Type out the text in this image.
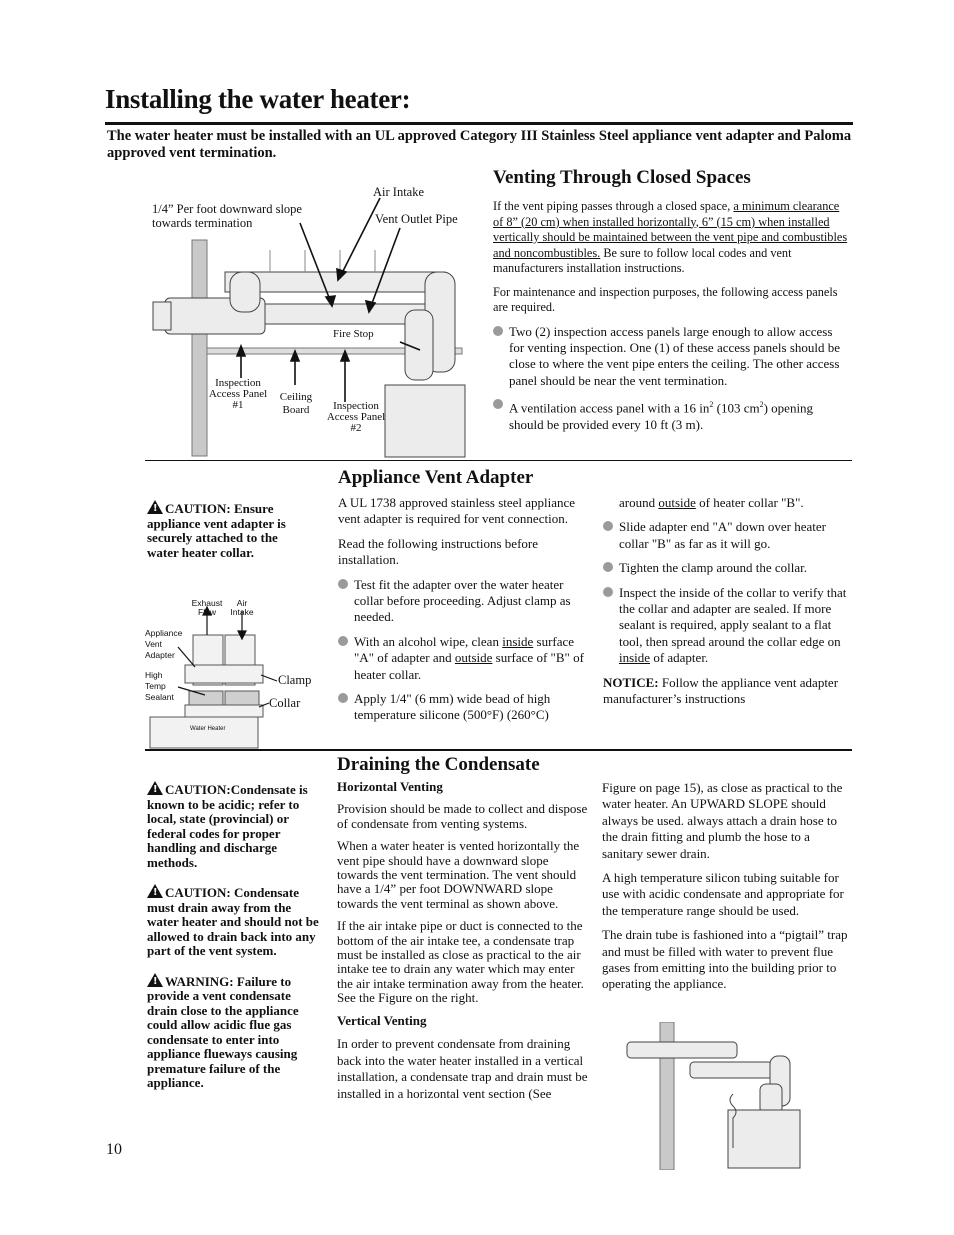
Installing the water heater:
The water heater must be installed with an UL approved Category III Stainless Steel appliance vent adapter and Paloma approved vent termination.
1/4” Per foot downward slope towards termination
Air Intake
Vent Outlet Pipe
Fire Stop
Inspection Access Panel #1
Ceiling Board	Inspection Access Panel #2
Venting Through Closed Spaces

If the vent piping passes through a closed space, a minimum clearance of 8” (20 cm) when installed horizontally, 6” (15 cm) when installed vertically should be maintained between the vent pipe and combustibles and noncombustibles. Be sure to follow local codes and vent manufacturers installation instructions.

For maintenance and inspection purposes, the following access panels are required.

Two (2) inspection access panels large enough to allow access for venting inspection. One (1) of these access panels should be close to where the vent pipe enters the ceiling. The other access panel should be near the vent termination.
A ventilation access panel with a 16 $in^2$ (103 $cm^2$) opening should be provided every 10 ft (3 m).
Appliance Vent Adapter
!CAUTION: Ensure appliance vent adapter is securely attached to the water heater collar.
Exhaust Flow
Air Intake
Appliance Vent Adapter
High Temp Sealant
Clamp
Collar
Water Heater

A UL 1738 approved stainless steel appliance vent adapter is required for vent connection.

Read the following instructions before installation.

Test fit the adapter over the water heater collar before proceeding. Adjust clamp as needed.
With an alcohol wipe, clean inside surface "A" of adapter and outside surface of "B" of heater collar.
Apply 1/4" (6 mm) wide bead of high temperature silicone (500°F) (260°C)

around outside of heater collar "B".

Slide adapter end "A" down over heater collar "B" as far as it will go.
Tighten the clamp around the collar.
Inspect the inside of the collar to verify that the collar and adapter are sealed. If more sealant is required, apply sealant to a flat tool, then spread around the collar edge on inside of adapter.

NOTICE: Follow the appliance vent adapter manufacturer’s instructions

Draining the Condensate

!CAUTION:Condensate is known to be acidic; refer to local, state (provincial) or federal codes for proper handling and discharge methods.

!CAUTION: Condensate must drain away from the water heater and should not be allowed to drain back into any part of the vent system.

!WARNING: Failure to provide a vent condensate drain close to the appliance could allow acidic flue gas condensate to enter into appliance flueways causing premature failure of the appliance.

Horizontal Venting

Provision should be made to collect and dispose of condensate from venting systems.

When a water heater is vented horizontally the vent pipe should have a downward slope towards the vent termination. The vent should have a 1/4” per foot DOWNWARD slope towards the vent terminal as shown above.

If the air intake pipe or duct is connected to the bottom of the air intake tee, a condensate trap must be installed as close as practical to the air intake tee to drain any water which may enter the air intake termination away from the heater. See the Figure on the right.

Vertical Venting

In order to prevent condensate from draining back into the water heater installed in a vertical installation, a condensate trap and drain must be installed in a horizontal vent section (See

Figure on page 15), as close as practical to the water heater. An UPWARD SLOPE should always be used. always attach a drain hose to the drain fitting and plumb the hose to a sanitary sewer drain.

A high temperature silicon tubing suitable for use with acidic condensate and appropriate for the temperature range should be used.

The drain tube is fashioned into a “pigtail” trap and must be filled with water to prevent flue gases from emitting into the building prior to operating the appliance.

10
